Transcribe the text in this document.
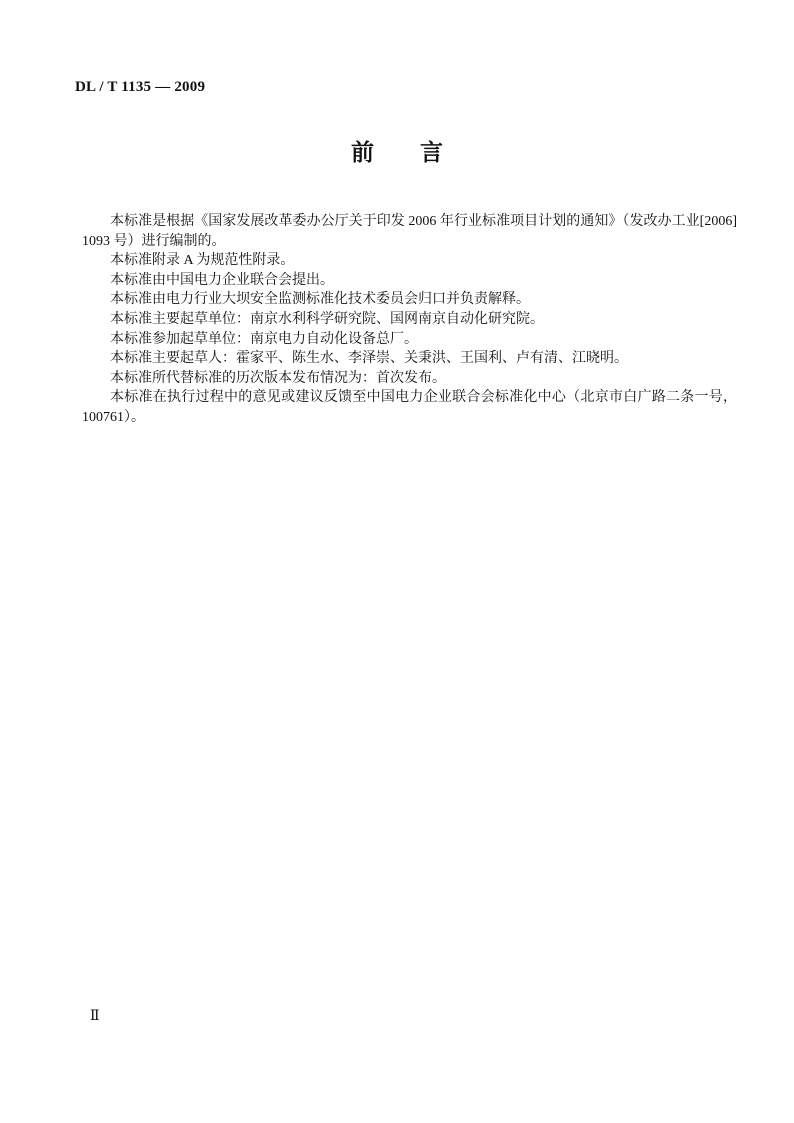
DL / T 1135 — 2009
前　　言

本标准是根据《国家发展改革委办公厅关于印发 2006 年行业标准项目计划的通知》（发改办工业[2006] 1093 号）进行编制的。

本标准附录 A 为规范性附录。

本标准由中国电力企业联合会提出。

本标准由电力行业大坝安全监测标准化技术委员会归口并负责解释。

本标准主要起草单位：南京水利科学研究院、国网南京自动化研究院。

本标准参加起草单位：南京电力自动化设备总厂。

本标准主要起草人：霍家平、陈生水、李泽崇、关秉洪、王国利、卢有清、江晓明。

本标准所代替标准的历次版本发布情况为：首次发布。

本标准在执行过程中的意见或建议反馈至中国电力企业联合会标准化中心（北京市白广路二条一号，100761）。

Ⅱ
